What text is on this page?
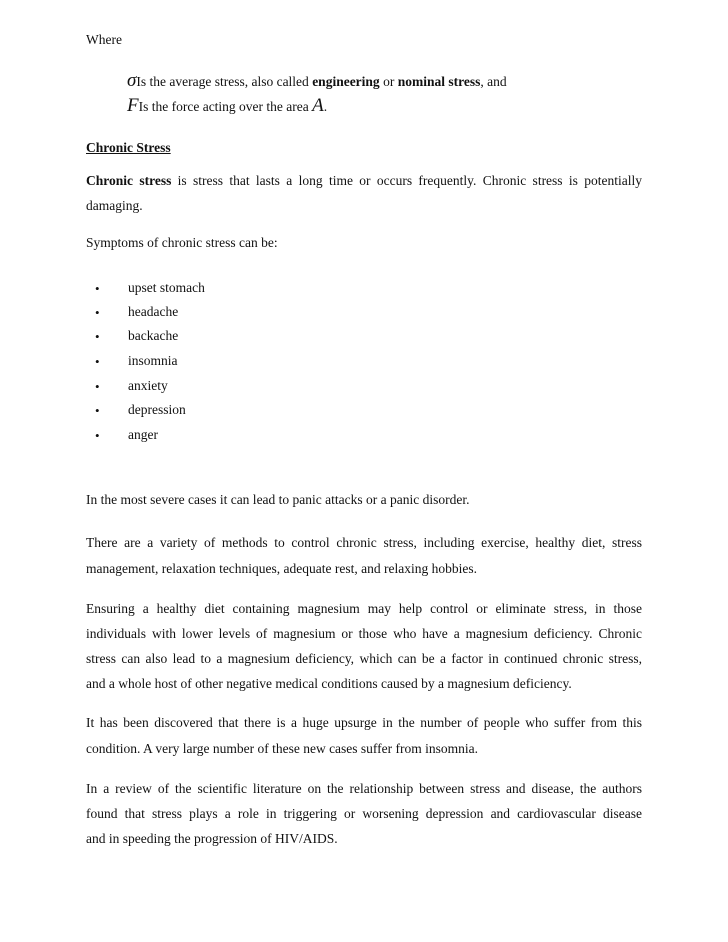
Where
σIs the average stress, also called engineering or nominal stress, and
FIs the force acting over the area A.
Chronic Stress
Chronic stress is stress that lasts a long time or occurs frequently. Chronic stress is potentially
damaging.
Symptoms of chronic stress can be:
• upset stomach
• headache
• backache
• insomnia
• anxiety
• depression
• anger
In the most severe cases it can lead to panic attacks or a panic disorder.
There are a variety of methods to control chronic stress, including exercise, healthy diet, stress
management, relaxation techniques, adequate rest, and relaxing hobbies.
Ensuring a healthy diet containing magnesium may help control or eliminate stress, in those
individuals with lower levels of magnesium or those who have a magnesium deficiency. Chronic
stress can also lead to a magnesium deficiency, which can be a factor in continued chronic stress,
and a whole host of other negative medical conditions caused by a magnesium deficiency.
It has been discovered that there is a huge upsurge in the number of people who suffer from this
condition. A very large number of these new cases suffer from insomnia.
In a review of the scientific literature on the relationship between stress and disease, the authors
found that stress plays a role in triggering or worsening depression and cardiovascular disease
and in speeding the progression of HIV/AIDS.
